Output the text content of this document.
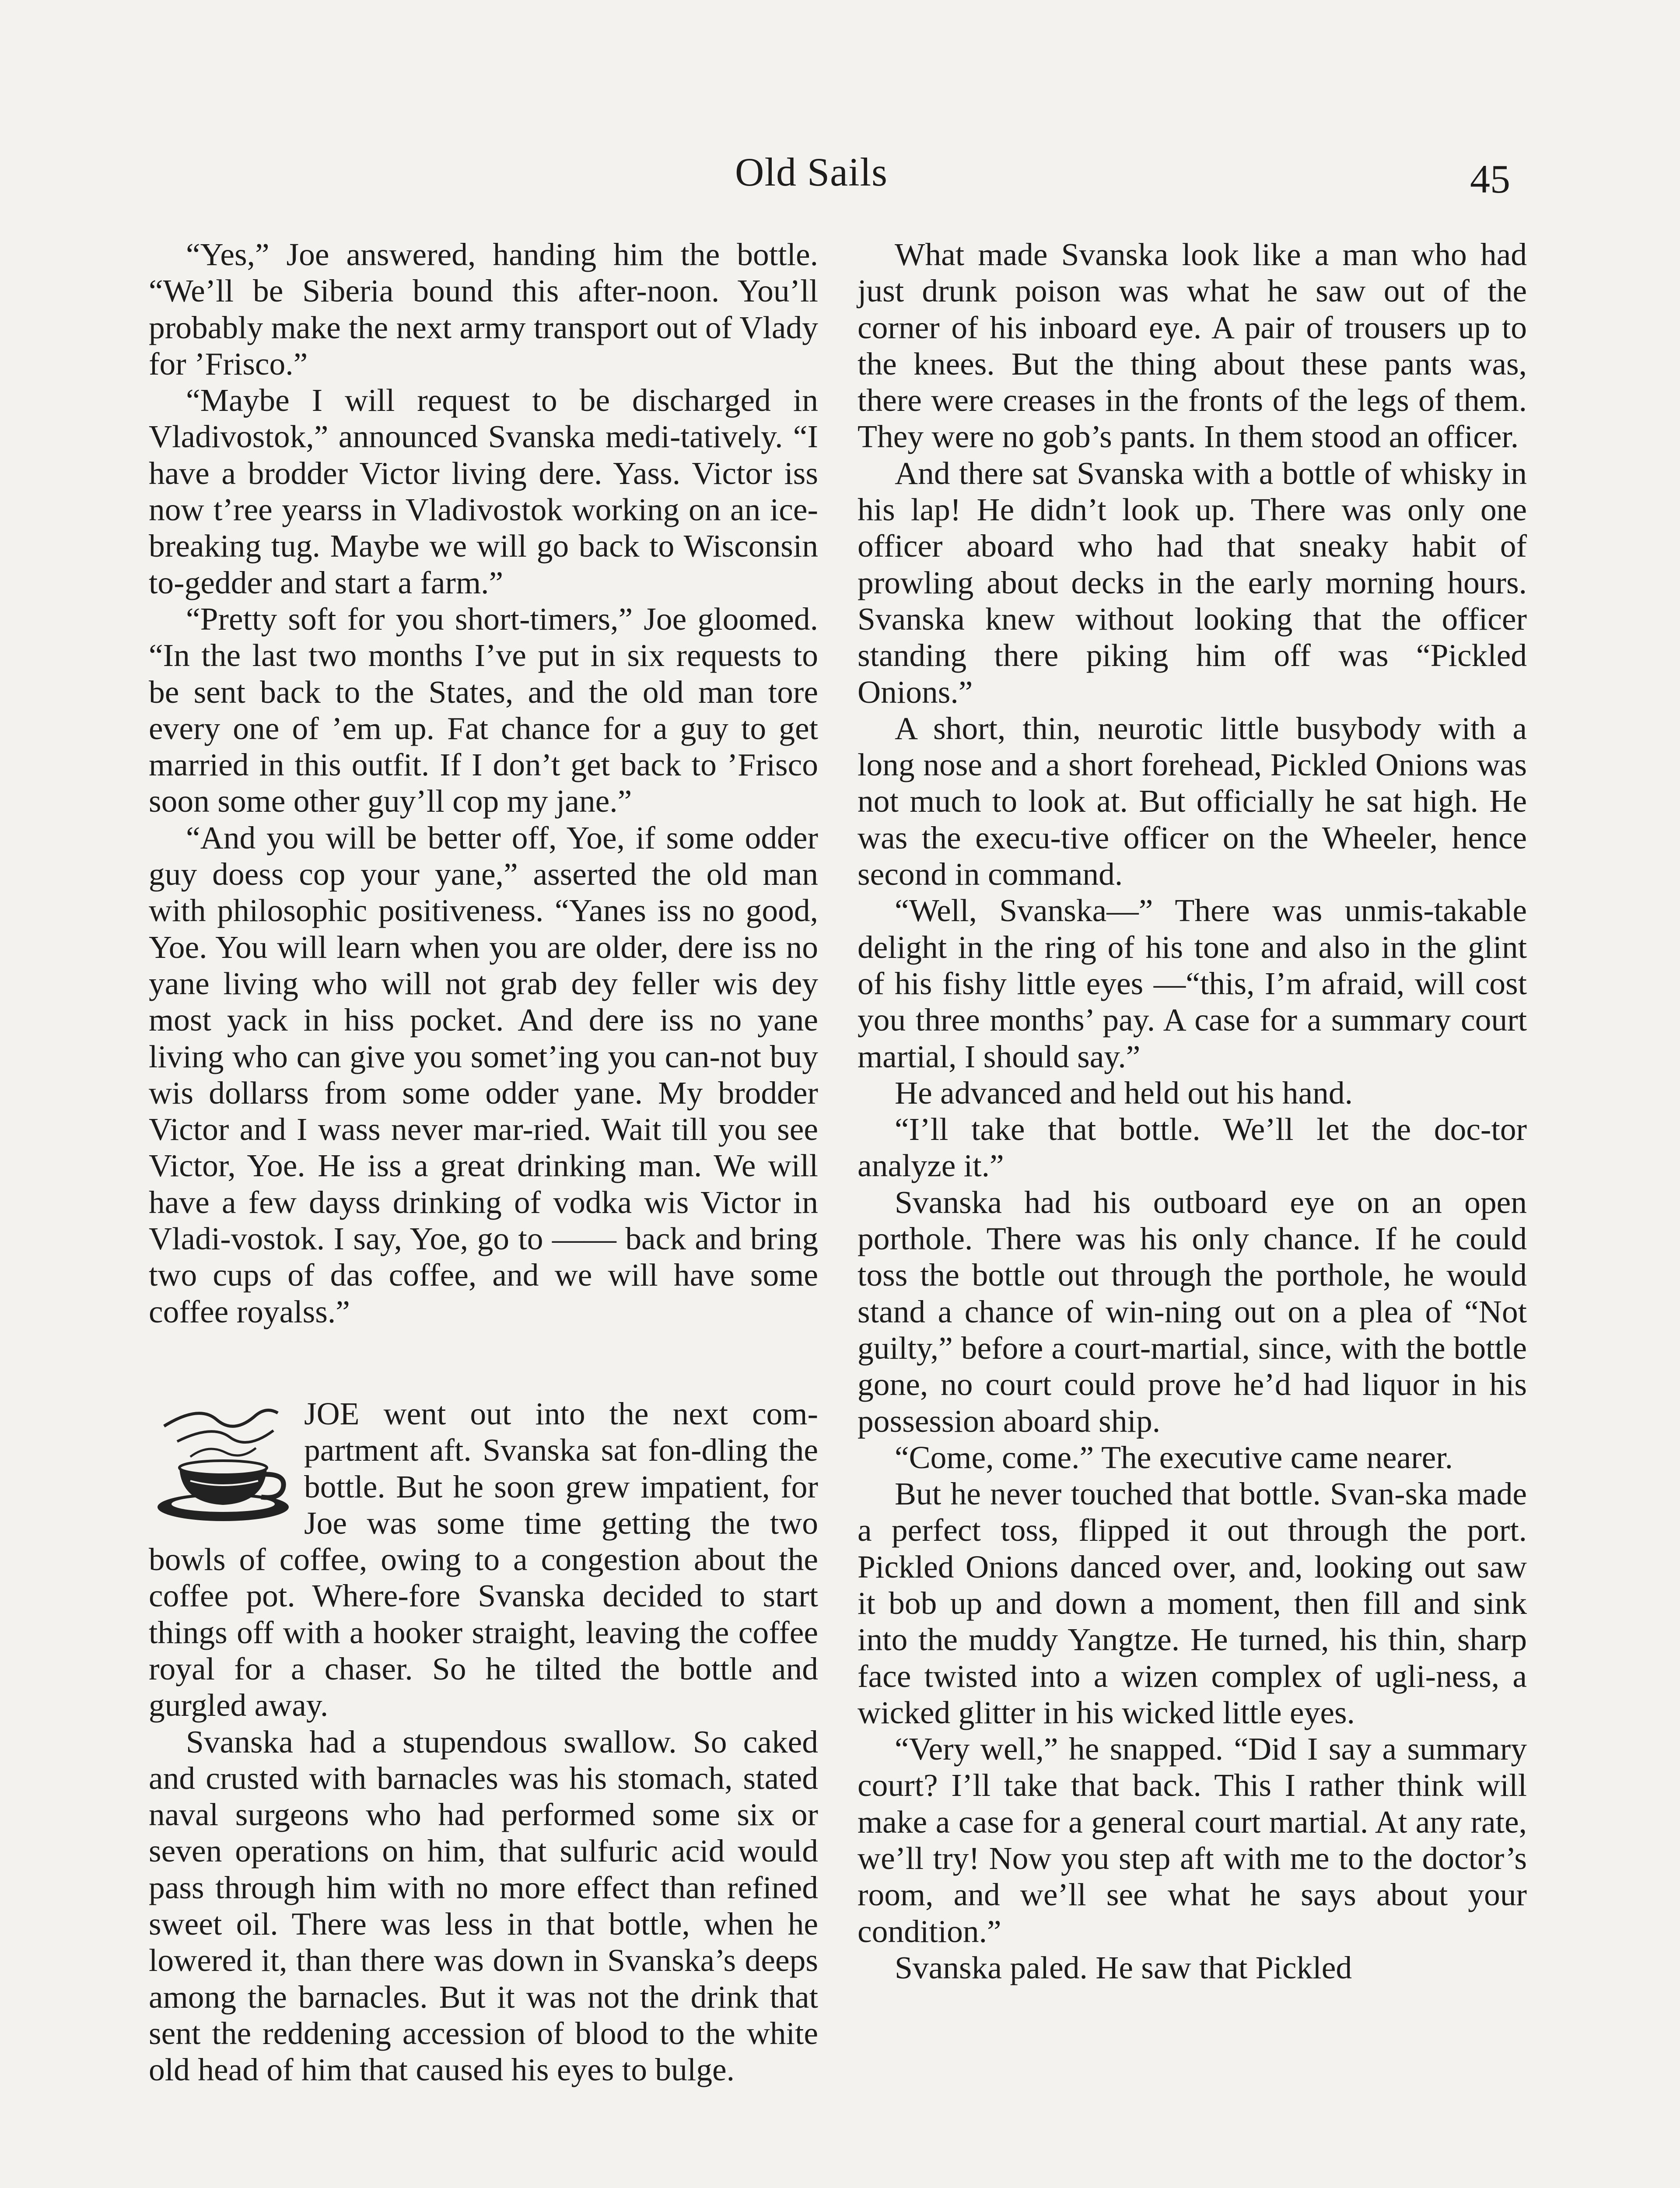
Old Sails	45

“Yes,” Joe answered, handing him the bottle. “We’ll be Siberia bound this after-noon. You’ll probably make the next army transport out of Vlady for ’Frisco.”

“Maybe I will request to be discharged in Vladivostok,” announced Svanska medi-tatively. “I have a brodder Victor living dere. Yass. Victor iss now t’ree yearss in Vladivostok working on an ice-breaking tug. Maybe we will go back to Wisconsin to-gedder and start a farm.”

“Pretty soft for you short-timers,” Joe gloomed. “In the last two months I’ve put in six requests to be sent back to the States, and the old man tore every one of ’em up. Fat chance for a guy to get married in this outfit. If I don’t get back to ’Frisco soon some other guy’ll cop my jane.”

“And you will be better off, Yoe, if some odder guy doess cop your yane,” asserted the old man with philosophic positiveness. “Yanes iss no good, Yoe. You will learn when you are older, dere iss no yane living who will not grab dey feller wis dey most yack in hiss pocket. And dere iss no yane living who can give you somet’ing you can-not buy wis dollarss from some odder yane. My brodder Victor and I wass never mar-ried. Wait till you see Victor, Yoe. He iss a great drinking man. We will have a few dayss drinking of vodka wis Victor in Vladi-vostok. I say, Yoe, go to —— back and bring two cups of das coffee, and we will have some coffee royalss.”

JOE went out into the next com-partment aft. Svanska sat fon-dling the bottle. But he soon grew impatient, for Joe was some time getting the two bowls of coffee, owing to a congestion about the coffee pot. Where-fore Svanska decided to start things off with a hooker straight, leaving the coffee royal for a chaser. So he tilted the bottle and gurgled away.

Svanska had a stupendous swallow. So caked and crusted with barnacles was his stomach, stated naval surgeons who had performed some six or seven operations on him, that sulfuric acid would pass through him with no more effect than refined sweet oil. There was less in that bottle, when he lowered it, than there was down in Svanska’s deeps among the barnacles. But it was not the drink that sent the reddening accession of blood to the white old head of him that caused his eyes to bulge.

What made Svanska look like a man who had just drunk poison was what he saw out of the corner of his inboard eye. A pair of trousers up to the knees. But the thing about these pants was, there were creases in the fronts of the legs of them. They were no gob’s pants. In them stood an officer.

And there sat Svanska with a bottle of whisky in his lap! He didn’t look up. There was only one officer aboard who had that sneaky habit of prowling about decks in the early morning hours. Svanska knew without looking that the officer standing there piking him off was “Pickled Onions.”

A short, thin, neurotic little busybody with a long nose and a short forehead, Pickled Onions was not much to look at. But officially he sat high. He was the execu-tive officer on the Wheeler, hence second in command.

“Well, Svanska—” There was unmis-takable delight in the ring of his tone and also in the glint of his fishy little eyes —“this, I’m afraid, will cost you three months’ pay. A case for a summary court martial, I should say.”

He advanced and held out his hand.

“I’ll take that bottle. We’ll let the doc-tor analyze it.”

Svanska had his outboard eye on an open porthole. There was his only chance. If he could toss the bottle out through the porthole, he would stand a chance of win-ning out on a plea of “Not guilty,” before a court-martial, since, with the bottle gone, no court could prove he’d had liquor in his possession aboard ship.

“Come, come.” The executive came nearer.

But he never touched that bottle. Svan-ska made a perfect toss, flipped it out through the port. Pickled Onions danced over, and, looking out saw it bob up and down a moment, then fill and sink into the muddy Yangtze. He turned, his thin, sharp face twisted into a wizen complex of ugli-ness, a wicked glitter in his wicked little eyes.

“Very well,” he snapped. “Did I say a summary court? I’ll take that back. This I rather think will make a case for a general court martial. At any rate, we’ll try! Now you step aft with me to the doctor’s room, and we’ll see what he says about your condition.”

Svanska paled. He saw that Pickled
